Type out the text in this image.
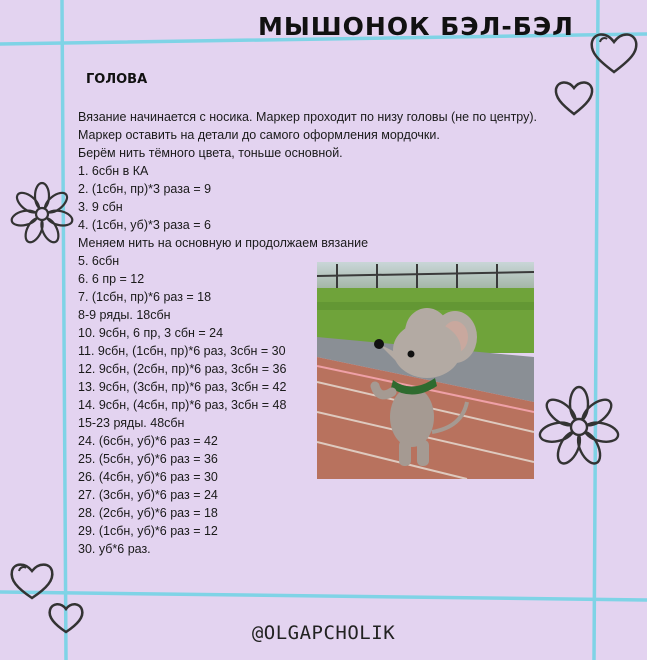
МЫШОНОК БЭЛ-БЭЛ
ГОЛОВА
Вязание начинается с носика. Маркер проходит по низу головы (не по центру).
Маркер оставить на детали до самого оформления мордочки.
Берём нить тёмного цвета, тоньше основной.
1. 6сбн в КА
2. (1сбн, пр)*3 раза = 9
3. 9 сбн
4. (1сбн, уб)*3 раза = 6
Меняем нить на основную и продолжаем вязание
5. 6сбн
6. 6 пр = 12
7. (1сбн, пр)*6 раз = 18
8-9 ряды. 18сбн
10. 9сбн, 6 пр, 3 сбн = 24
11. 9сбн, (1сбн, пр)*6 раз, 3сбн = 30
12. 9сбн, (2сбн, пр)*6 раз, 3сбн = 36
13. 9сбн, (3сбн, пр)*6 раз, 3сбн = 42
14. 9сбн, (4сбн, пр)*6 раз, 3сбн = 48
15-23 ряды. 48сбн
24. (6сбн, уб)*6 раз = 42
25. (5сбн, уб)*6 раз = 36
26. (4сбн, уб)*6 раз = 30
27. (3сбн, уб)*6 раз = 24
28. (2сбн, уб)*6 раз = 18
29. (1сбн, уб)*6 раз = 12
30. уб*6 раз.
@OLGAPCHOLIK
